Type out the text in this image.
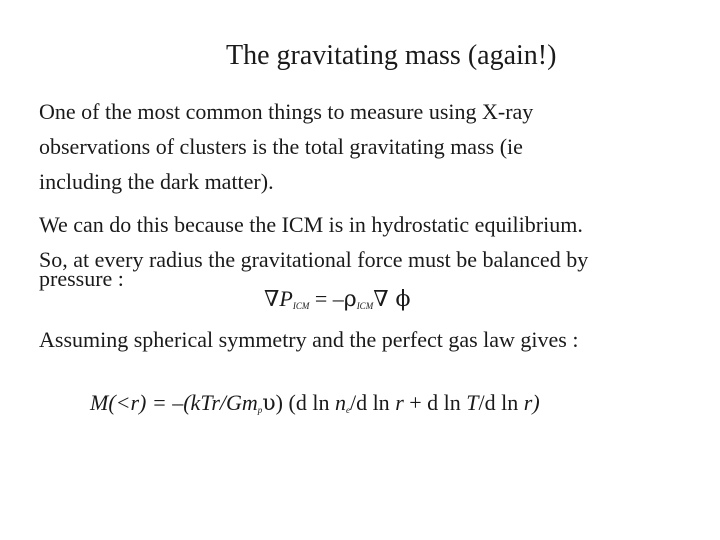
The gravitating mass (again!)
One of the most common things to measure using X-ray
observations of clusters is the total gravitating mass (ie
including the dark matter).
We can do this because the ICM is in hydrostatic equilibrium.
So, at every radius the gravitational force must be balanced by
pressure :
$\nabla P_{ICM} = -\rho_{ICM}\nabla$ ϕ
Assuming spherical symmetry and the perfect gas law gives :
$M(<r) = -(kTr/Gm_p\upsilon)$ (d $\ln n_e/d$ ln r + d ln T/d ln r)
